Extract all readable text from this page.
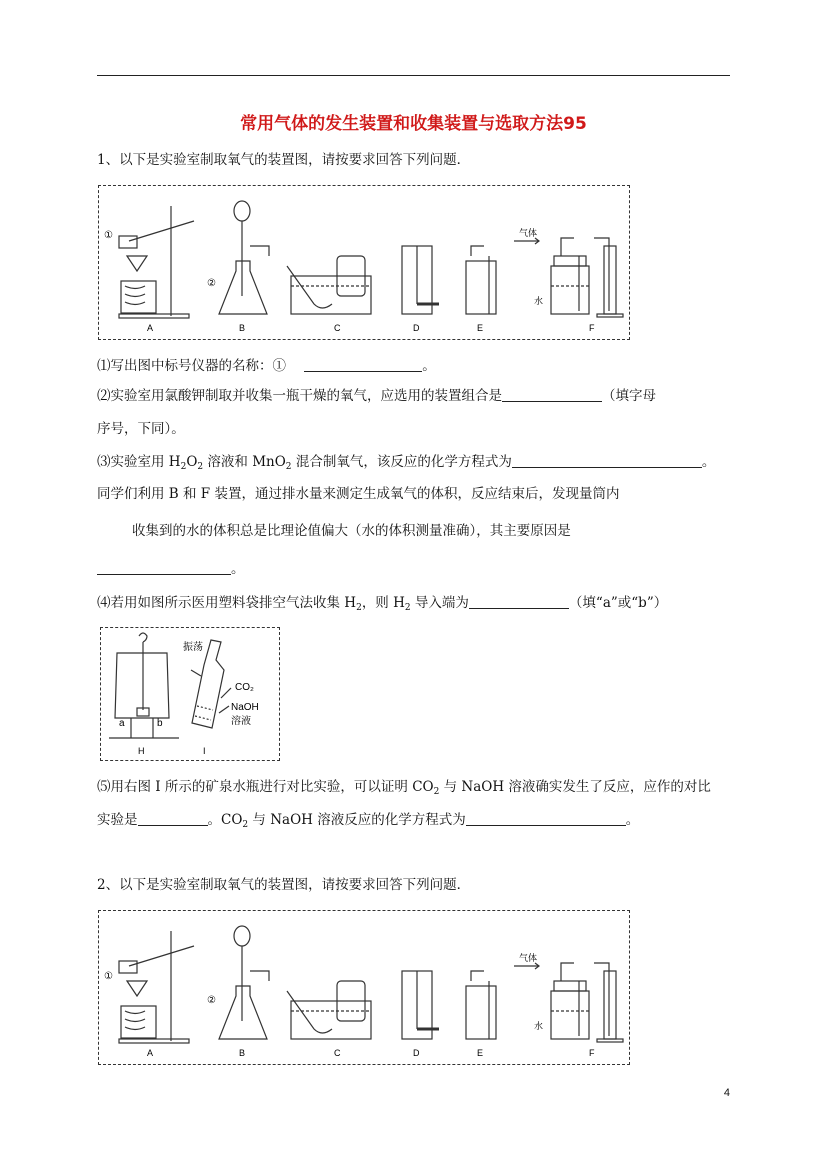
常用气体的发生装置和收集装置与选取方法95
1、以下是实验室制取氧气的装置图，请按要求回答下列问题．
①
②
气体
水
A	B	C	D	E	F
⑴写出图中标号仪器的名称：①	。
⑵实验室用氯酸钾制取并收集一瓶干燥的氧气，应选用的装置组合是	（填字母
序号，下同）。
⑶实验室用 $H_2O_2$ 溶液和 MnO$_2$ 混合制氧气，该反应的化学方程式为	。
同学们利用 B 和 F 装置，通过排水量来测定生成氧气的体积，反应结束后，发现量筒内
收集到的水的体积总是比理论值偏大（水的体积测量准确），其主要原因是
。
⑷若用如图所示医用塑料袋排空气法收集 $H_2$，则 $H_2$ 导入端为	（填“a”或“b”）
振荡
CO₂
NaOH
溶液
a	b
H	I
⑸用右图 I 所示的矿泉水瓶进行对比实验，可以证明 $CO_2$ 与 NaOH 溶液确实发生了反应，应作的对比
实验是	。$CO_2$ 与 NaOH 溶液反应的化学方程式为	。
2、以下是实验室制取氧气的装置图，请按要求回答下列问题．
①
②
气体
水
A	B	C	D	E	F
4
